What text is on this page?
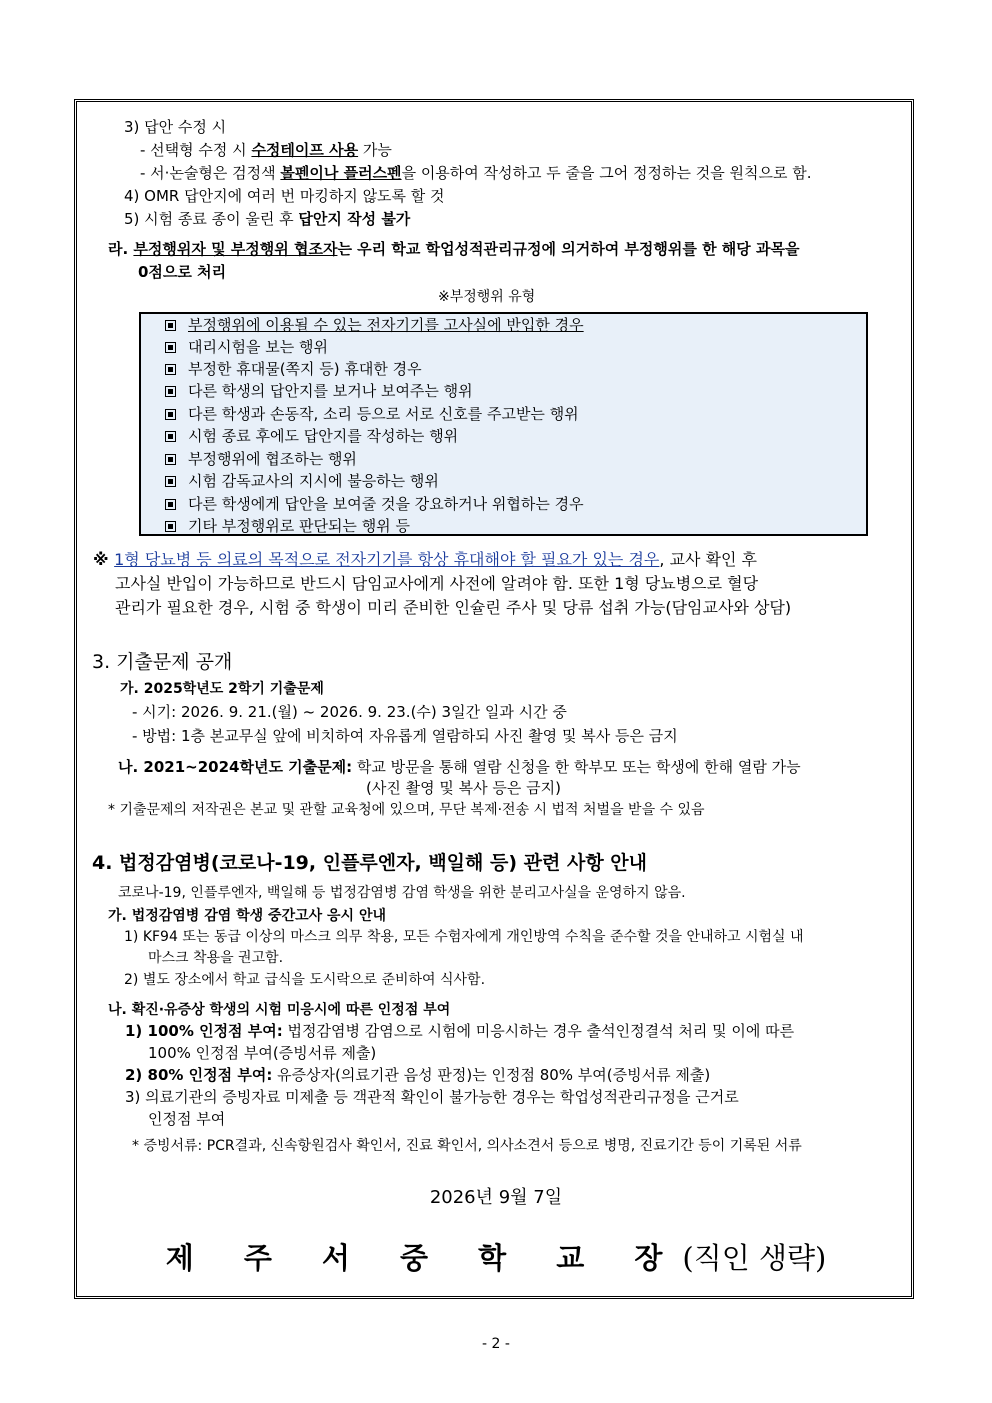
3) 답안 수정 시
- 선택형 수정 시 수정테이프 사용 가능
- 서·논술형은 검정색 볼펜이나 플러스펜을 이용하여 작성하고 두 줄을 그어 정정하는 것을 원칙으로 함.
4) OMR 답안지에 여러 번 마킹하지 않도록 할 것
5) 시험 종료 종이 울린 후 답안지 작성 불가
라. 부정행위자 및 부정행위 협조자는 우리 학교 학업성적관리규정에 의거하여 부정행위를 한 해당 과목을
0점으로 처리
※부정행위 유형
부정행위에 이용될 수 있는 전자기기를 고사실에 반입한 경우
대리시험을 보는 행위
부정한 휴대물(쪽지 등) 휴대한 경우
다른 학생의 답안지를 보거나 보여주는 행위
다른 학생과 손동작, 소리 등으로 서로 신호를 주고받는 행위
시험 종료 후에도 답안지를 작성하는 행위
부정행위에 협조하는 행위
시험 감독교사의 지시에 불응하는 행위
다른 학생에게 답안을 보여줄 것을 강요하거나 위협하는 경우
기타 부정행위로 판단되는 행위 등
※ 1형 당뇨병 등 의료의 목적으로 전자기기를 항상 휴대해야 할 필요가 있는 경우, 교사 확인 후
고사실 반입이 가능하므로 반드시 담임교사에게 사전에 알려야 함. 또한 1형 당뇨병으로 혈당
관리가 필요한 경우, 시험 중 학생이 미리 준비한 인슐린 주사 및 당류 섭취 가능(담임교사와 상담)
3. 기출문제 공개
가. 2025학년도 2학기 기출문제
- 시기: 2026. 9. 21.(월) ~ 2026. 9. 23.(수) 3일간 일과 시간 중
- 방법: 1층 본교무실 앞에 비치하여 자유롭게 열람하되 사진 촬영 및 복사 등은 금지
나. 2021~2024학년도 기출문제: 학교 방문을 통해 열람 신청을 한 학부모 또는 학생에 한해 열람 가능
(사진 촬영 및 복사 등은 금지)
* 기출문제의 저작권은 본교 및 관할 교육청에 있으며, 무단 복제·전송 시 법적 처벌을 받을 수 있음
4. 법정감염병(코로나-19, 인플루엔자, 백일해 등) 관련 사항 안내
코로나-19, 인플루엔자, 백일해 등 법정감염병 감염 학생을 위한 분리고사실을 운영하지 않음.
가. 법정감염병 감염 학생 중간고사 응시 안내
1) KF94 또는 동급 이상의 마스크 의무 착용, 모든 수험자에게 개인방역 수칙을 준수할 것을 안내하고 시험실 내
마스크 착용을 권고함.
2) 별도 장소에서 학교 급식을 도시락으로 준비하여 식사함.
나. 확진·유증상 학생의 시험 미응시에 따른 인정점 부여
1) 100% 인정점 부여: 법정감염병 감염으로 시험에 미응시하는 경우 출석인정결석 처리 및 이에 따른
100% 인정점 부여(증빙서류 제출)
2) 80% 인정점 부여: 유증상자(의료기관 음성 판정)는 인정점 80% 부여(증빙서류 제출)
3) 의료기관의 증빙자료 미제출 등 객관적 확인이 불가능한 경우는 학업성적관리규정을 근거로
인정점 부여
* 증빙서류: PCR결과, 신속항원검사 확인서, 진료 확인서, 의사소견서 등으로 병명, 진료기간 등이 기록된 서류
2026년 9월 7일
제 주 서 중 학 교 장(직인 생략)
- 2 -
